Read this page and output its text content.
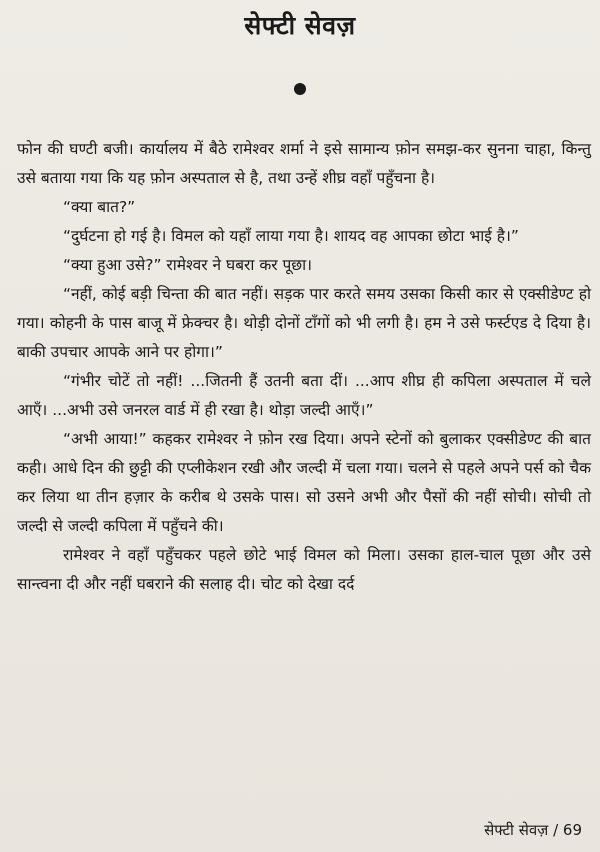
सेफ्टी सेवज़

फोन की घण्टी बजी। कार्यालय में बैठे रामेश्वर शर्मा ने इसे सामान्य फ़ोन समझ-कर सुनना चाहा, किन्तु उसे बताया गया कि यह फ़ोन अस्पताल से है, तथा उन्हें शीघ्र वहाँ पहुँचना है।

“क्या बात?”

“दुर्घटना हो गई है। विमल को यहाँ लाया गया है। शायद वह आपका छोटा भाई है।”

“क्या हुआ उसे?” रामेश्वर ने घबरा कर पूछा।

“नहीं, कोई बड़ी चिन्ता की बात नहीं। सड़क पार करते समय उसका किसी कार से एक्सीडेण्ट हो गया। कोहनी के पास बाजू में फ्रेक्चर है। थोड़ी दोनों टाँगों को भी लगी है। हम ने उसे फर्स्टएड दे दिया है। बाकी उपचार आपके आने पर होगा।”

“गंभीर चोटें तो नहीं! ...जितनी हैं उतनी बता दीं। ...आप शीघ्र ही कपिला अस्पताल में चले आएँ। ...अभी उसे जनरल वार्ड में ही रखा है। थोड़ा जल्दी आएँ।”

“अभी आया!” कहकर रामेश्वर ने फ़ोन रख दिया। अपने स्टेनों को बुलाकर एक्सीडेण्ट की बात कही। आधे दिन की छुट्टी की एप्लीकेशन रखी और जल्दी में चला गया। चलने से पहले अपने पर्स को चैक कर लिया था तीन हज़ार के करीब थे उसके पास। सो उसने अभी और पैसों की नहीं सोची। सोची तो जल्दी से जल्दी कपिला में पहुँचने की।

रामेश्वर ने वहाँ पहुँचकर पहले छोटे भाई विमल को मिला। उसका हाल-चाल पूछा और उसे सान्त्वना दी और नहीं घबराने की सलाह दी। चोट को देखा दर्द

सेफ्टी सेवज़ / 69
